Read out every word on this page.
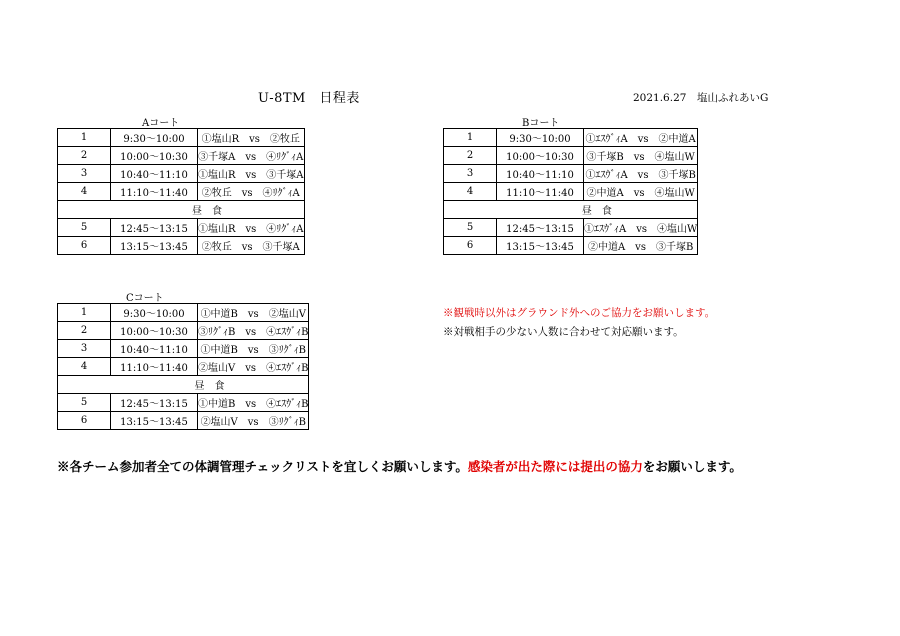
U-8TM　日程表	2021.6.27　塩山ふれあいG
Aコート
1	9:30～10:00	①塩山R　vs　②牧丘
2	10:00～10:30	③千塚A　vs　④ﾘｸﾞｨA
3	10:40～11:10	①塩山R　vs　③千塚A
4	11:10～11:40	②牧丘　vs　④ﾘｸﾞｨA
	昼　食	
5	12:45～13:15	①塩山R　vs　④ﾘｸﾞｨA
6	13:15～13:45	②牧丘　vs　③千塚A
Bコート
1	9:30～10:00	①ｴｽｳﾞｨA　vs　②中道A
2	10:00～10:30	③千塚B　vs　④塩山W
3	10:40～11:10	①ｴｽｳﾞｨA　vs　③千塚B
4	11:10～11:40	②中道A　vs　④塩山W
	昼　食	
5	12:45～13:15	①ｴｽｳﾞｨA　vs　④塩山W
6	13:15～13:45	②中道A　vs　③千塚B
Cコート
1	9:30～10:00	①中道B　vs　②塩山V
2	10:00～10:30	③ﾘｸﾞｨB　vs　④ｴｽｳﾞｨB
3	10:40～11:10	①中道B　vs　③ﾘｸﾞｨB
4	11:10～11:40	②塩山V　vs　④ｴｽｳﾞｨB
	昼　食	
5	12:45～13:15	①中道B　vs　④ｴｽｳﾞｨB
6	13:15～13:45	②塩山V　vs　③ﾘｸﾞｨB
※観戦時以外はグラウンド外へのご協力をお願いします。
※対戦相手の少ない人数に合わせて対応願います。
※各チーム参加者全ての体調管理チェックリストを宜しくお願いします。感染者が出た際には提出の協力をお願いします。
